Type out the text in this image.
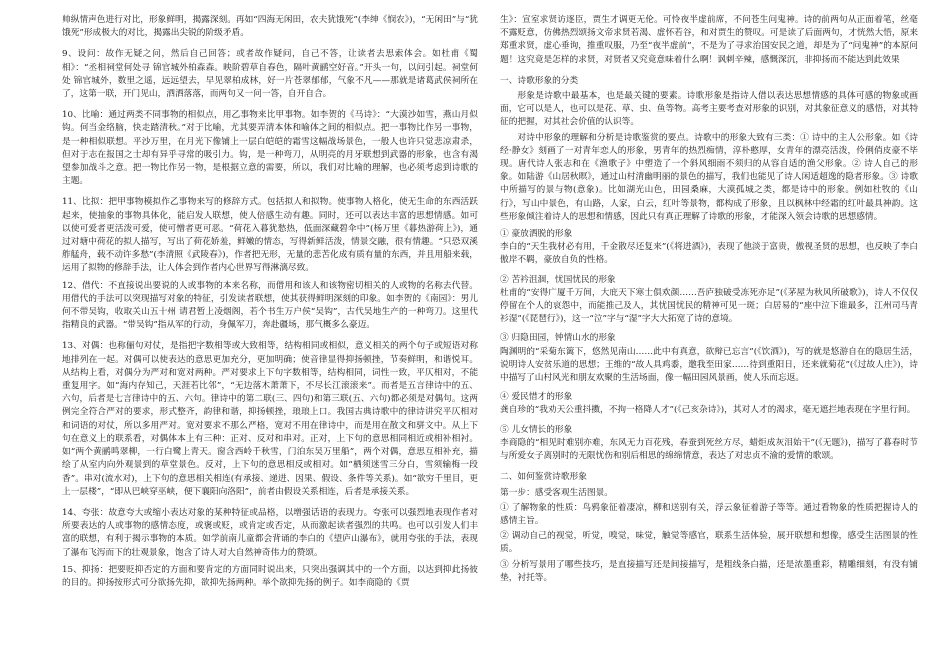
帅纵情声色进行对比，形象鲜明，揭露深刻。再如“四海无闲田，农夫犹饿死”(李绅《悯农》)，“无闲田”与“犹饿死”形成极大的对比，揭露出尖锐的阶级矛盾。

9、设问：故作无疑之问，然后自己回答；或者故作疑问，自己不答，让读者去思索体会。如杜甫《蜀相》：“丞相祠堂何处寻 锦官城外柏森森。映阶碧草自春色，隔叶黄鹂空好音。”开头一句，以问引起。祠堂何处 锦官城外，数里之遥，远远望去，早见翠柏成林，好一片苍翠郁郁，气象不凡——那就是诸葛武侯祠所在了，这第一联，开门见山，洒洒落落，而两句又一问一答，自开自合。

10、比喻：通过两类不同事物的相似点，用乙事物来比甲事物。如李贺的《马诗》：“大漠沙如雪，燕山月似钩。何当金络脑，快走踏清秋。”对于比喻，尤其要弄清本体和喻体之间的相似点。把一事物比作另一事物，是一种相似联想。平沙万里，在月光下像铺上一层白皑皑的霜雪这幅战场景色，一般人也许只觉悲凉肃杀，但对于志在报国之士却有异乎寻常的吸引力。钩，是一种弯刀，从明亮的月牙联想到武器的形象，也含有渴望参加战斗之意。把一物比作另一物，是根据立意的需要，所以，我们对比喻的理解，也必须考虑到诗歌的主题。

11、比拟：把甲事物模拟作乙事物来写的修辞方式。包括拟人和拟物。使事物人格化，使无生命的东西活跃起来，使抽象的事物具体化，能启发人联想，使人倍感生动有趣。同时，还可以表达丰富的思想情感。如可以使可爱者更活泼可爱，使可憎者更可恶。“荷花入暮犹愁热，低面深藏碧伞中”(杨万里《暮热游荷上》)，通过对塘中荷花的拟人描写，写出了荷花娇羞，鲜嫩的情态，写得新鲜活泼，情景交融，很有情趣。“只恐双溪舴艋舟，载不动许多愁”(李清照《武陵春》)，作者把无形，无量的悲苦化成有质有量的东西，并且用船来载，运用了拟物的修辞手法，让人体会到作者内心世界写得淋漓尽致。

12、借代：不直接说出要说的人或事物的本来名称，而借用和该人和该物密切相关的人或物的名称去代替。用借代的手法可以突现描写对象的特征，引发读者联想，使其获得鲜明深刻的印象。如李贺的《南园》：男儿何不带吴钩，收取关山五十州 请君暂上凌烟阁，若个书生万户侯“吴钩”，古代吴地生产的一种弯刀。这里代指精良的武器。“带吴钩”指从军的行动，身佩军刀，奔赴疆场，那气概多么豪迈。

13、对偶：也称俪句对仗，是指把字数相等或大致相等，结构相同或相似，意义相关的两个句子或短语对称地排列在一起。对偶可以使表达的意思更加充分，更加明确；使音律显得抑扬顿挫，节奏鲜明，和谐悦耳。从结构上看，对偶分为严对和宽对两种。严对要求上下句字数相等，结构相同，词性一致，平仄相对，不能重复用字。如“海内存知己，天涯若比邻”，“无边落木萧萧下，不尽长江滚滚来”。而者是五言律诗中的五、六句，后者是七言律诗中的五、六句。律诗中的第二联(三、四句)和第三联(五、六句)都必须是对偶句。这两例完全符合严对的要求，形式整齐，韵律和谐，抑扬顿挫，琅琅上口。我国古典诗歌中的律诗讲究平仄相对和词语的对仗，所以多用严对。宽对要求不那么严格，宽对不用在律诗中，而是用在散文和骈文中。从上下句在意义上的联系看，对偶体本上有三种：正对、反对和串对。正对，上下句的意思相同相近或相补相衬。如“两个黄鹂鸣翠柳，一行白鹭上青天。窗含西岭千秋雪，门泊东吴万里船”，两个对偶，意思互相补充，描绘了从室内向外观景到的草堂景色。反对，上下句的意思相反或相对。如“栖须迷雪三分白，雪须输梅一段香”。串对(流水对)，上下句的意思相关相连(有承接、递进、因果、假设、条件等关系)。如“欲穷千里目，更上一层楼”，“即从巴峡穿巫峡，便下襄阳向洛阳”，前者由假设关系相连，后者是承接关系。

14、夸张：故意夸大或缩小表达对象的某种特征或品格，以增强话语的表现力。夸张可以强烈地表现作者对所要表达的人或事物的感情态度，或褒或贬，或肯定或否定，从而激起读者强烈的共鸣。也可以引发人们丰富的联想，有利于揭示事物的本质。如学前南儿童都会背诵的李白的《望庐山瀑布》，就用夸张的手法，表现了瀑布飞泻而下的壮观景象，饱含了诗人对大自然神奇伟力的赞颂。

15、抑扬：把要贬抑否定的方面和要肯定的方面同时说出来，只突出强调其中的一个方面，以达到抑此扬彼的目的。抑扬按形式可分欲扬先抑，欲抑先扬两种。举个欲抑先扬的例子。如李商隐的《贾

生》：宣室求贤访逐臣，贾生才调更无伦。可怜夜半虚前席，不问苍生问鬼神。诗的前两句从正面着笔，丝毫不露贬意，仿佛热烈颂扬文帝求贤若渴、虚怀若谷，和对贾生的赞叹。可是读了后面两句，才恍然大悟，原来郑重求贤，虚心垂询，推重叹服，乃至“夜半虚前”，不是为了寻求治国安民之道，却是为了“问鬼神”的本原问题！这究竟是怎样的求贤，对贤者又究竟意味着什么啊！讽刺辛辣，感慨深沉，非抑扬而不能达到此效果

一、诗歌形象的分类

形象是诗歌中最基本，也是最关键的要素。诗歌形象是指诗人借以表达思想情感的具体可感的物象或画面，它可以是人，也可以是花、草、虫、鱼等物。高考主要考查对形象的识别，对其象征意义的感悟，对其特征的把握，对其社会价值的认识等。

对诗中形象的理解和分析是诗歌鉴赏的要点。诗歌中的形象大致有三类：① 诗中的主人公形象。如《诗经·静女》刻画了一对青年恋人的形象，男青年的热烈痴情，淳朴憨厚，女青年的漂亮活泼，伶俐俏皮豪不毕现。唐代诗人张志和在《渔歌子》中塑造了一个斜风细雨不须归的从容自适的渔父形象。② 诗人自己的形象。如陆游《山居秋暝》，通过山村清幽明丽的景色的描写，我们也能见了诗人闲适超逸的隐者形象。③ 诗歌中所描写的景与物(意象)。比如湖光山色，田园桑麻，大漠孤城之类，都是诗中的形象。例如杜牧的《山行》，写山中景色，有山路，人家，白云，红叶等景物，都构成了形象，且以枫林中经霜的红叶最具神韵。这些形象倾注着诗人的思想和情感，因此只有真正理解了诗歌的形象，才能深入领会诗歌的思想感情。

① 豪放洒脱的形象

李白的“天生我材必有用，千金散尽还复来”(《将进酒》)，表现了他淡于富贵，傲视圣贤的思想，也反映了李白傲岸不羁，豪放自负的性格。

② 苦衿沮涸，忧国忧民的形象

杜甫的“安得广厦千万间，大庇天下寒士俱欢颜……吾庐独破受冻死亦足”(《茅屋为秋风所破歌》)，诗人不仅仅停留在个人的哀怨中，而能推己及人，其忧国忧民的精神可见一斑；白居易的“座中泣下谁最多，江州司马青衫湿”(《琵琶行》)，这一“泣”字与“湿”字大大拓宽了诗的意境。

③ 归隐田园，钟情山水的形象

陶渊明的“采菊东篱下，悠然见南山……此中有真意，欲辩已忘言”(《饮酒》)，写的就是悠游自在的隐居生活，说明诗人安贫乐道的思想；王维的“故人具鸡黍，邀我至田家……待到重阳日，还来就菊花”(《过故人庄》)，诗中描写了山村风光和朋友欢聚的生活场面，像一幅田园风景画，使人乐而忘返。

④ 爱民惜才的形象

龚自珍的“我劝天公重抖擞，不拘一格降人才”(《己亥杂诗》)，其对人才的渴求，毫无遮拦地表现在字里行间。

⑤ 儿女情长的形象

李商隐的“相见时难别亦难，东风无力百花残，春蚕到死丝方尽，蜡炬成灰泪始干”(《无题》)，描写了暮春时节与所爱女子离别时的无限忧伤和别后相思的绵绵情意，表达了对忠贞不渝的爱情的歌颂。

二、如何鉴赏诗歌形象

第一步：感受客观生活图景。

① 了解物象的性质：鸟鸦象征着凄凉，柳和送别有关，浮云象征着游子等等。通过看物象的性质把握诗人的感情主旨。

② 调动自己的视觉，听觉，嗅觉，味觉，触觉等感官，联系生活体验，展开联想和想像，感受生活图景的性质。

③ 分析写景用了哪些技巧，是直接描写还是间接描写，是粗线条白描，还是浓墨重彩，精雕细刻，有没有铺垫，衬托等。
